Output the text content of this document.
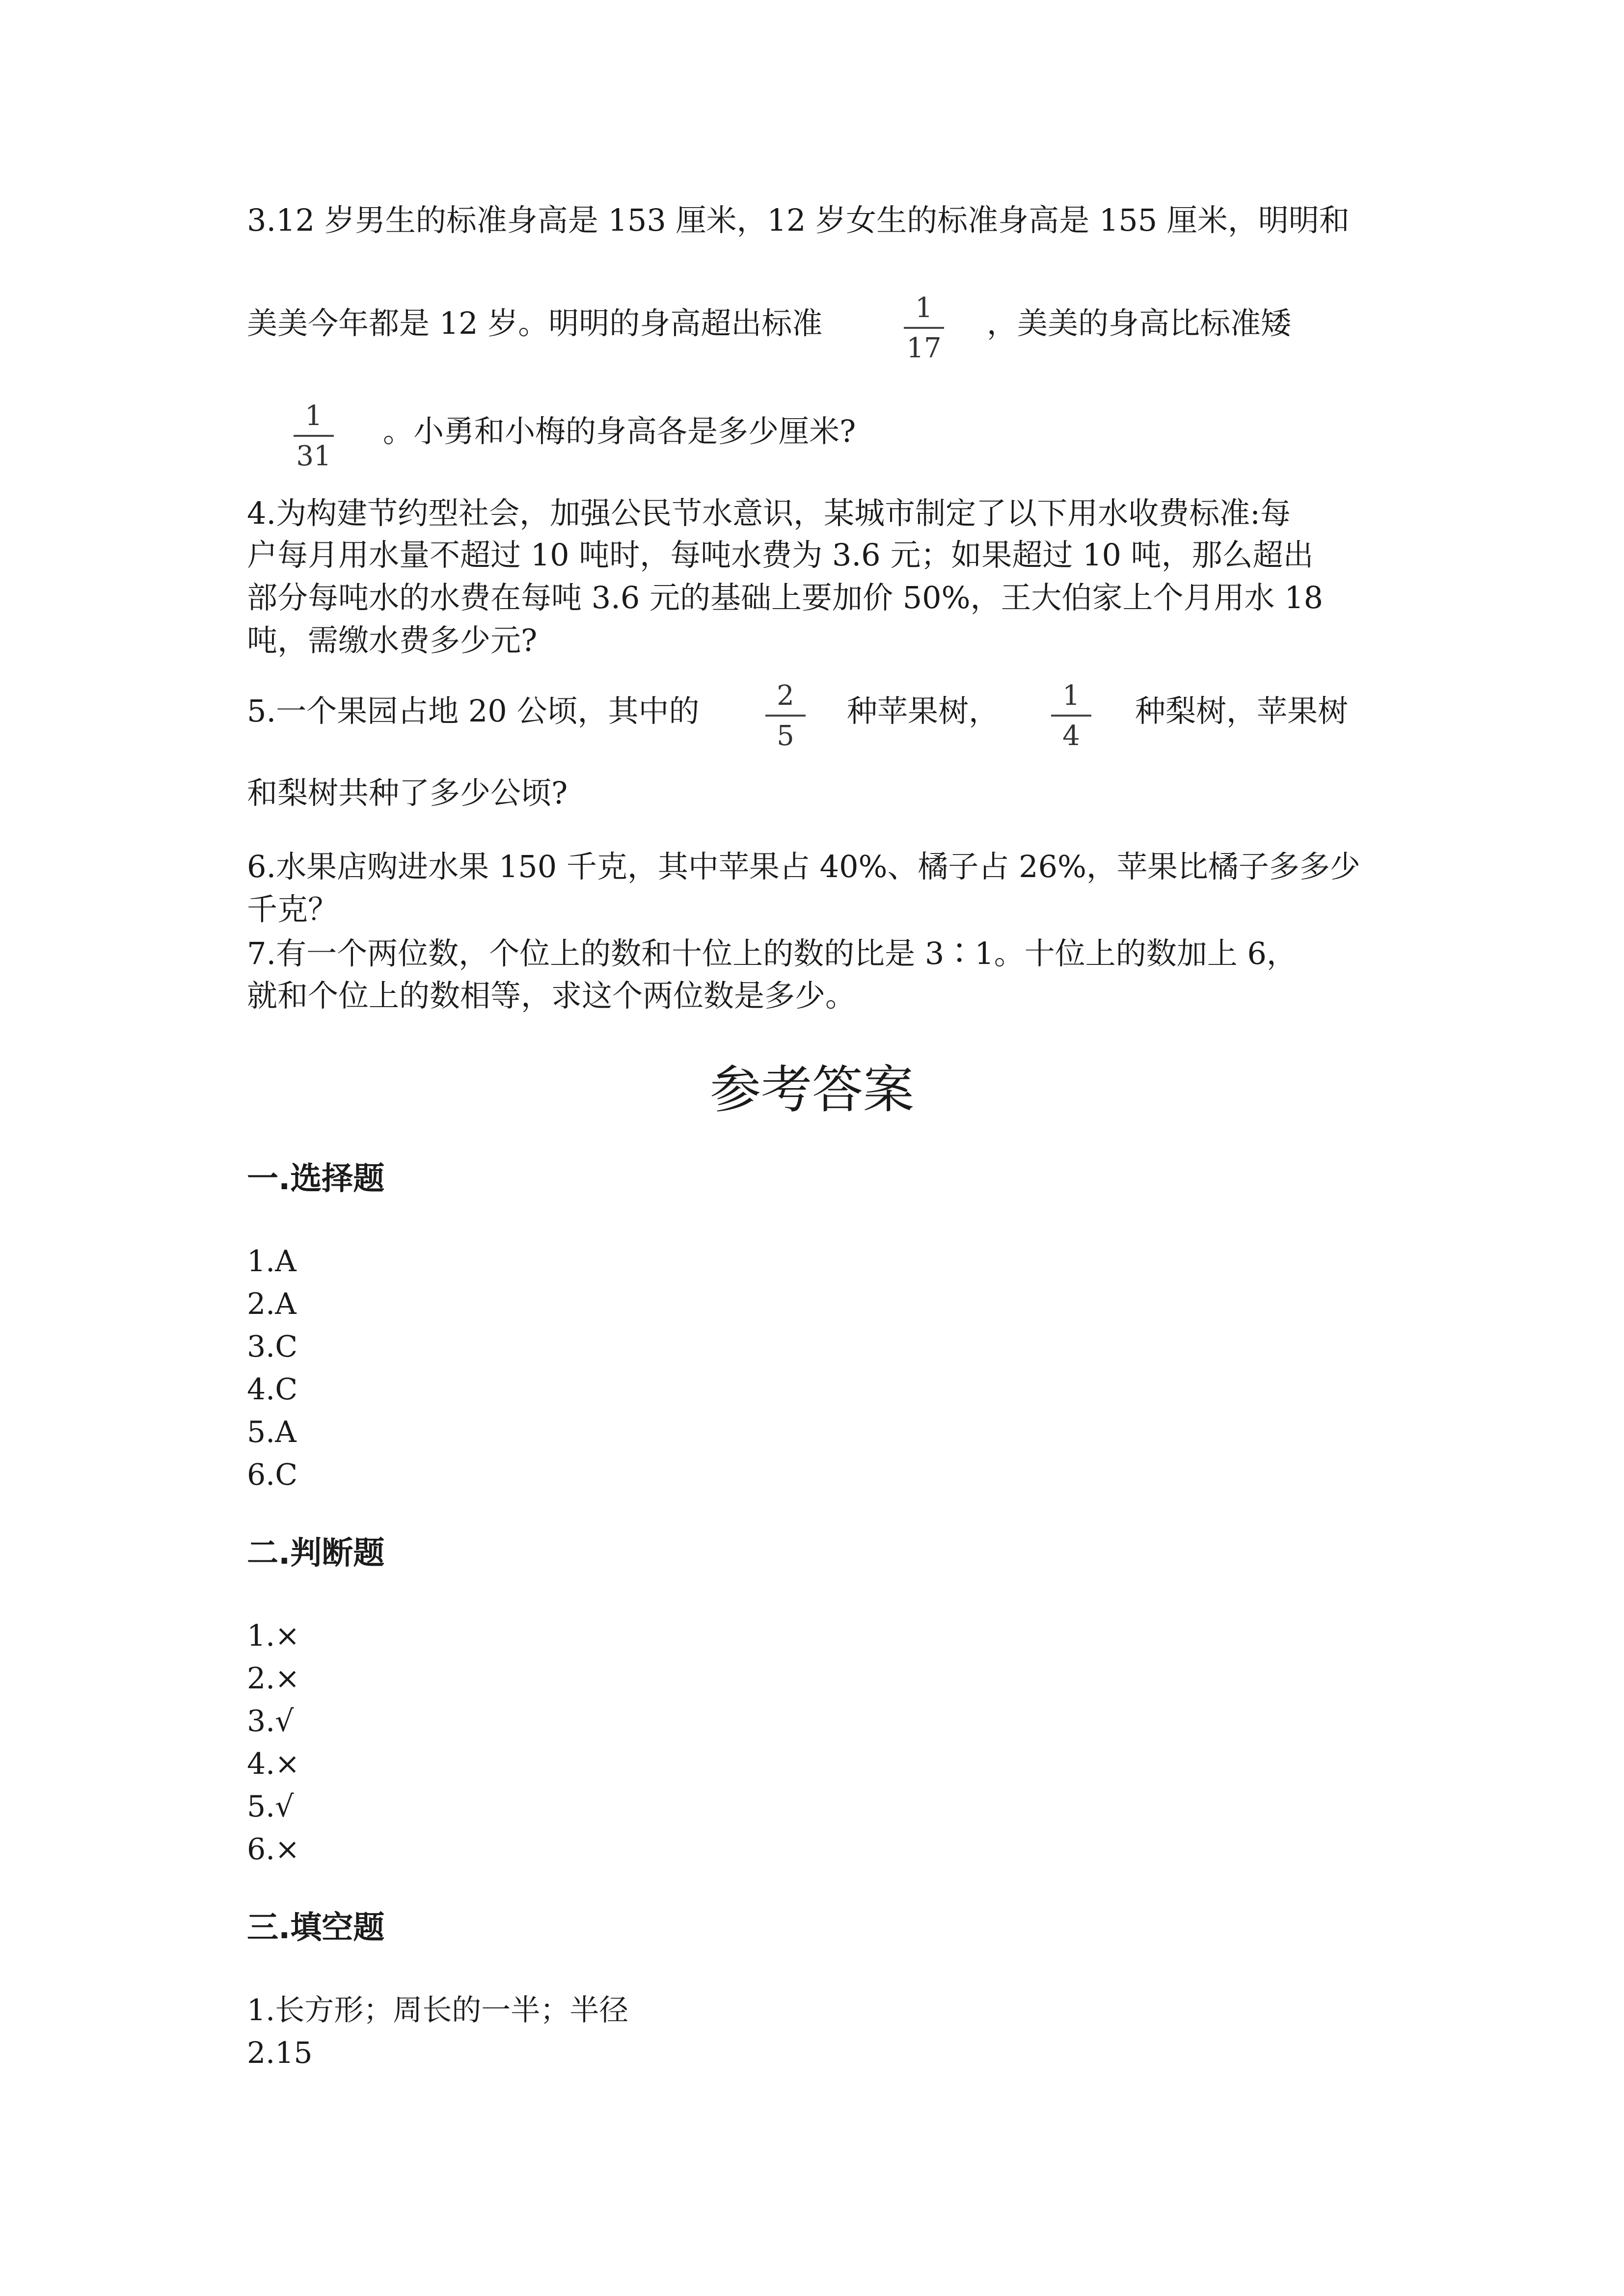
3.12 岁男生的标准身高是 153 厘米，12 岁女生的标准身高是 155 厘米，明明和
美美今年都是 12 岁。明明的身高超出标准	1
17
，美美的身高比标准矮
1
31
。小勇和小梅的身高各是多少厘米?
4.为构建节约型社会，加强公民节水意识，某城市制定了以下用水收费标准:每
户每月用水量不超过 10 吨时，每吨水费为 3.6 元；如果超过 10 吨，那么超出
部分每吨水的水费在每吨 3.6 元的基础上要加价 50%，王大伯家上个月用水 18
吨，需缴水费多少元?
5.一个果园占地 20 公顷，其中的	2
5
种苹果树，	1
4
种梨树，苹果树
和梨树共种了多少公顷?
6.水果店购进水果 150 千克，其中苹果占 40%、橘子占 26%，苹果比橘子多多少
千克？
7.有一个两位数，个位上的数和十位上的数的比是 3∶1。十位上的数加上 6，
就和个位上的数相等，求这个两位数是多少。
参考答案
一.选择题
1.A
2.A
3.C
4.C
5.A
6.C
二.判断题
1.×
2.×
3.√
4.×
5.√
6.×
三.填空题
1.长方形；周长的一半；半径
2.15
